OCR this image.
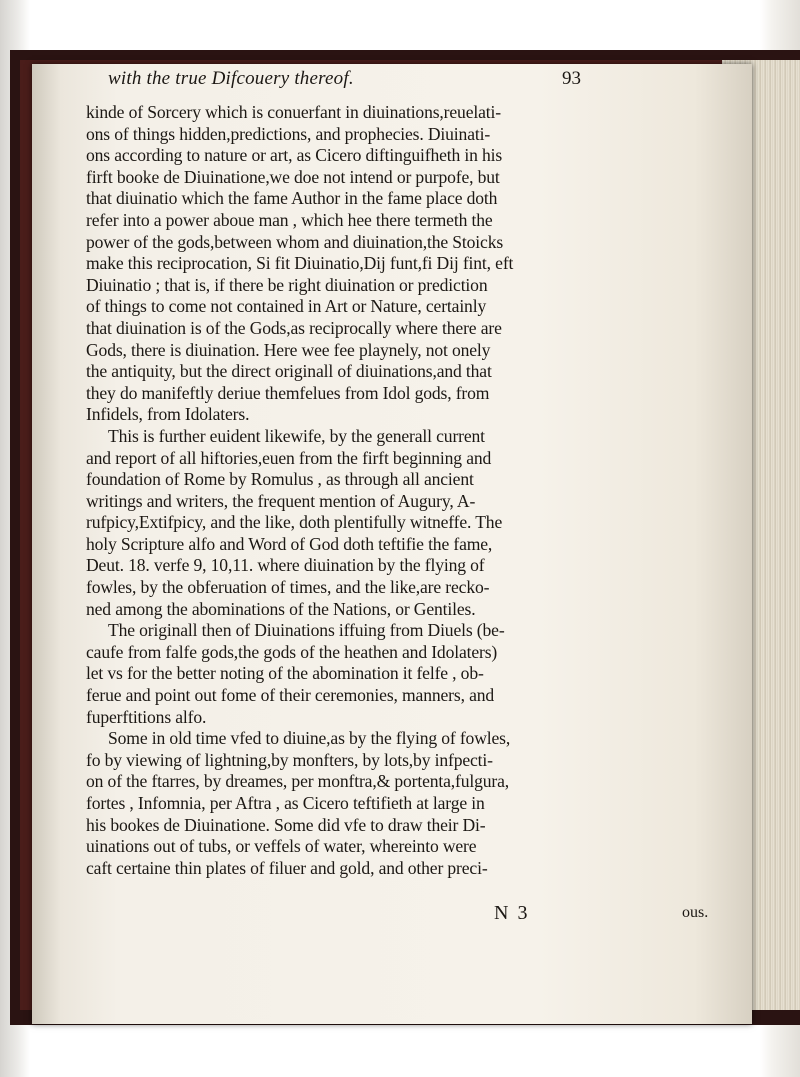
with the true Difcouery thereof.	93
kinde of Sorcery which is conuerfant in diuinations,reuelati-
ons of things hidden,predictions, and prophecies. Diuinati-
ons according to nature or art, as Cicero diftinguifheth in his
firft booke de Diuinatione,we doe not intend or purpofe, but
that diuinatio which the fame Author in the fame place doth
refer into a power aboue man , which hee there termeth the
power of the gods,between whom and diuination,the Stoicks
make this reciprocation, Si fit Diuinatio,Dij funt,fi Dij fint, eft
Diuinatio ; that is, if there be right diuination or prediction
of things to come not contained in Art or Nature, certainly
that diuination is of the Gods,as reciprocally where there are
Gods, there is diuination. Here wee fee playnely, not onely
the antiquity, but the direct originall of diuinations,and that
they do manifeftly deriue themfelues from Idol gods, from
Infidels, from Idolaters.
This is further euident likewife, by the generall current
and report of all hiftories,euen from the firft beginning and
foundation of Rome by Romulus , as through all ancient
writings and writers, the frequent mention of Augury, A-
rufpicy,Extifpicy, and the like, doth plentifully witneffe. The
holy Scripture alfo and Word of God doth teftifie the fame,
Deut. 18. verfe 9, 10,11. where diuination by the flying of
fowles, by the obferuation of times, and the like,are recko-
ned among the abominations of the Nations, or Gentiles.
The originall then of Diuinations iffuing from Diuels (be-
caufe from falfe gods,the gods of the heathen and Idolaters)
let vs for the better noting of the abomination it felfe , ob-
ferue and point out fome of their ceremonies, manners, and
fuperftitions alfo.
Some in old time vfed to diuine,as by the flying of fowles,
fo by viewing of lightning,by monfters, by lots,by infpecti-
on of the ftarres, by dreames, per monftra,& portenta,fulgura,
fortes , Infomnia, per Aftra , as Cicero teftifieth at large in
his bookes de Diuinatione. Some did vfe to draw their Di-
uinations out of tubs, or veffels of water, whereinto were
caft certaine thin plates of filuer and gold, and other preci-
N 3	ous.
